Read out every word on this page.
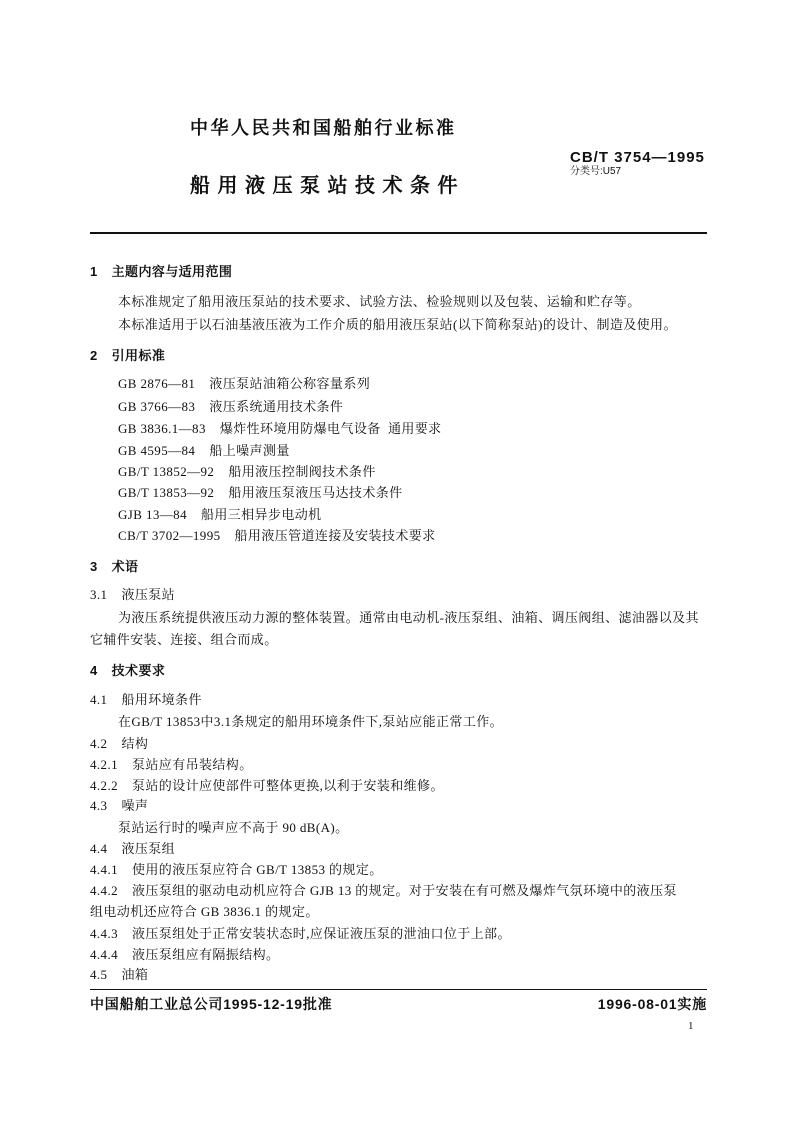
中华人民共和国船舶行业标准
CB/T 3754—1995
分类号:U57
船用液压泵站技术条件
1 主题内容与适用范围
本标准规定了船用液压泵站的技术要求、试验方法、检验规则以及包装、运输和贮存等。
本标准适用于以石油基液压液为工作介质的船用液压泵站(以下简称泵站)的设计、制造及使用。
2 引用标准
GB 2876—81 液压泵站油箱公称容量系列
GB 3766—83 液压系统通用技术条件
GB 3836.1—83 爆炸性环境用防爆电气设备  通用要求
GB 4595—84 船上噪声测量
GB/T 13852—92 船用液压控制阀技术条件
GB/T 13853—92 船用液压泵液压马达技术条件
GJB 13—84 船用三相异步电动机
CB/T 3702—1995 船用液压管道连接及安装技术要求
3 术语
3.1 液压泵站
为液压系统提供液压动力源的整体装置。通常由电动机-液压泵组、油箱、调压阀组、滤油器以及其
它辅件安装、连接、组合而成。
4 技术要求
4.1 船用环境条件
在GB/T 13853中3.1条规定的船用环境条件下,泵站应能正常工作。
4.2 结构
4.2.1 泵站应有吊装结构。
4.2.2 泵站的设计应使部件可整体更换,以利于安装和维修。
4.3 噪声
泵站运行时的噪声应不高于 90 dB(A)。
4.4 液压泵组
4.4.1 使用的液压泵应符合 GB/T 13853 的规定。
4.4.2 液压泵组的驱动电动机应符合 GJB 13 的规定。对于安装在有可燃及爆炸气氛环境中的液压泵
组电动机还应符合 GB 3836.1 的规定。
4.4.3 液压泵组处于正常安装状态时,应保证液压泵的泄油口位于上部。
4.4.4 液压泵组应有隔振结构。
4.5 油箱
中国船舶工业总公司1995-12-19批准	1996-08-01实施
1
